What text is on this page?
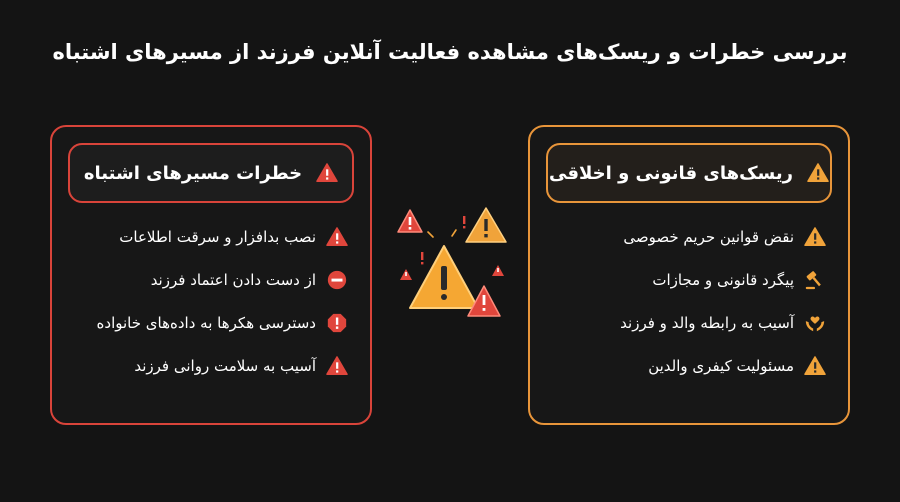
بررسی خطرات و ریسک‌های مشاهده فعالیت آنلاین فرزند از مسیرهای اشتباه
خطرات مسیرهای اشتباه
نصب بدافزار و سرقت اطلاعات
از دست دادن اعتماد فرزند
دسترسی هکرها به داده‌های خانواده
آسیب به سلامت روانی فرزند
ریسک‌های قانونی و اخلاقی
نقض قوانین حریم خصوصی
پیگرد قانونی و مجازات
آسیب به رابطه والد و فرزند
مسئولیت کیفری والدین
